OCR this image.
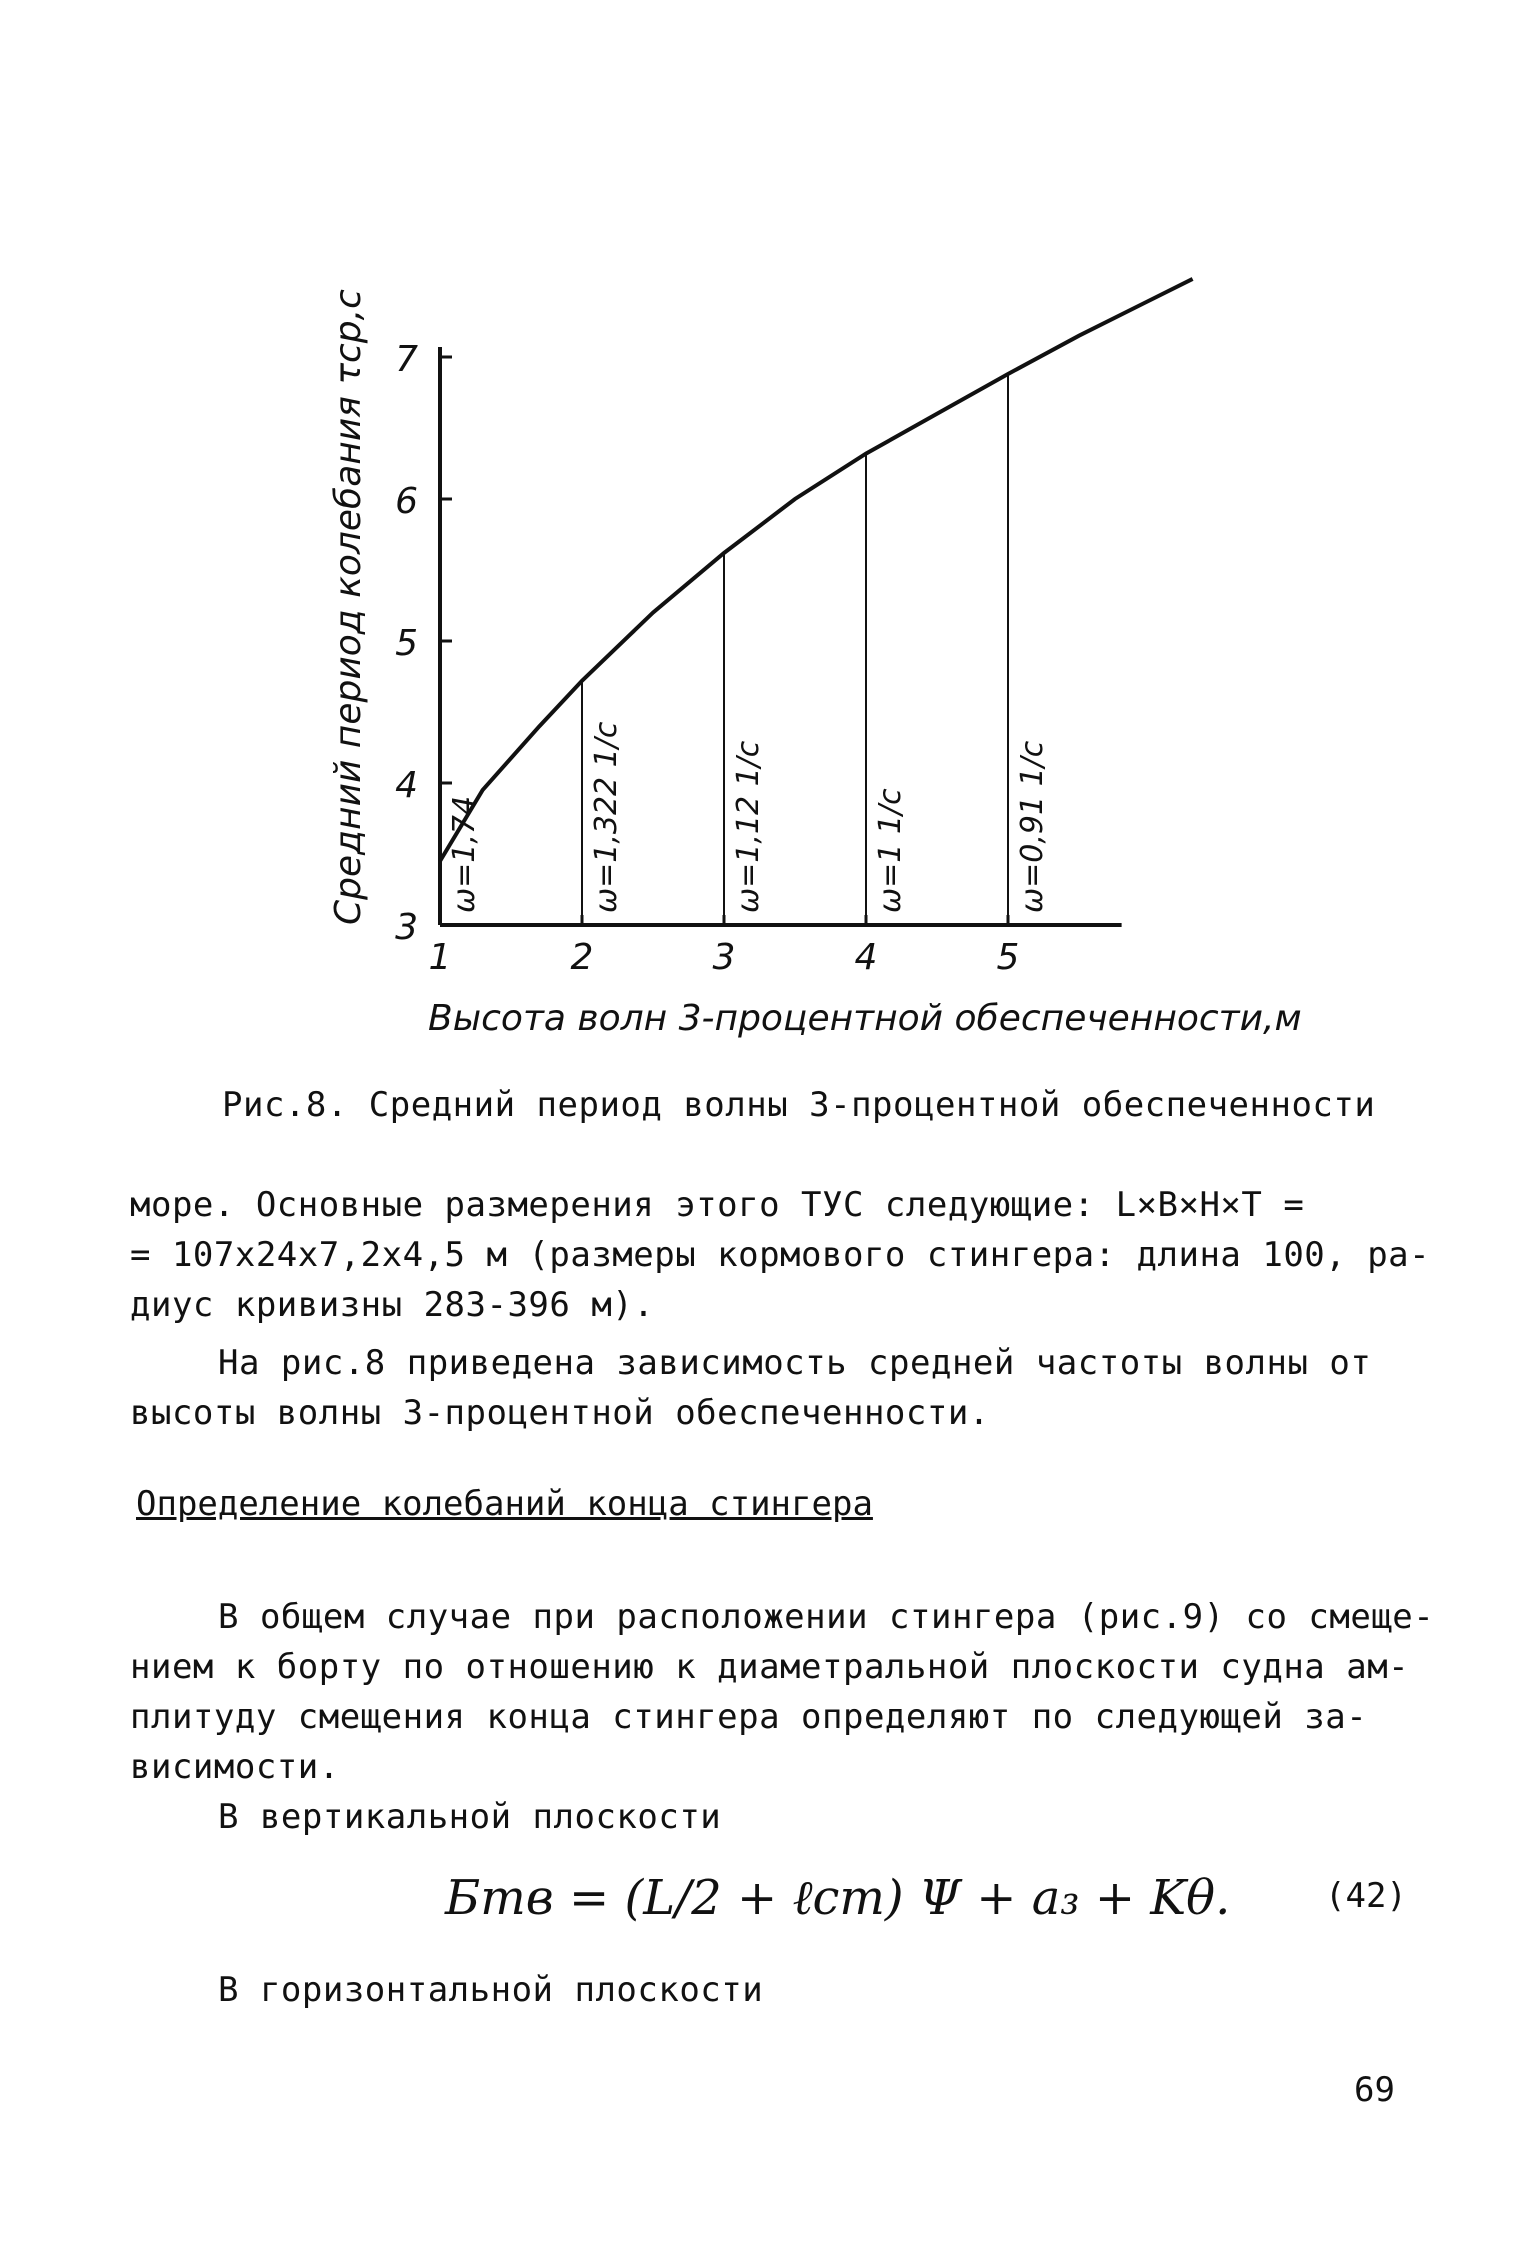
3
4
5
6
7
1	2	3	4	5
ω=1,74	ω=1,322 1/c	ω=1,12 1/c	ω=1 1/c	ω=0,91 1/c
Высота волн 3-процентной обеспеченности,м
Средний период колебания τср,с
Рис.8. Средний период волны 3-процентной обеспеченности
море. Основные размерения этого ТУС следующие: L×B×H×T =
= 107х24х7,2х4,5 м (размеры кормового стингера: длина 100, ра-
диус кривизны 283-396 м).
На рис.8 приведена зависимость средней частоты волны от
высоты волны 3-процентной обеспеченности.
Определение колебаний конца стингера
В общем случае при расположении стингера (рис.9) со смеще-
нием к борту по отношению к диаметральной плоскости судна ам-
плитуду смещения конца стингера определяют по следующей за-
висимости.
В вертикальной плоскости
Бтв = (L/2 + ℓст) Ψ + a₃ + Kθ.	(42)
В горизонтальной плоскости
69
